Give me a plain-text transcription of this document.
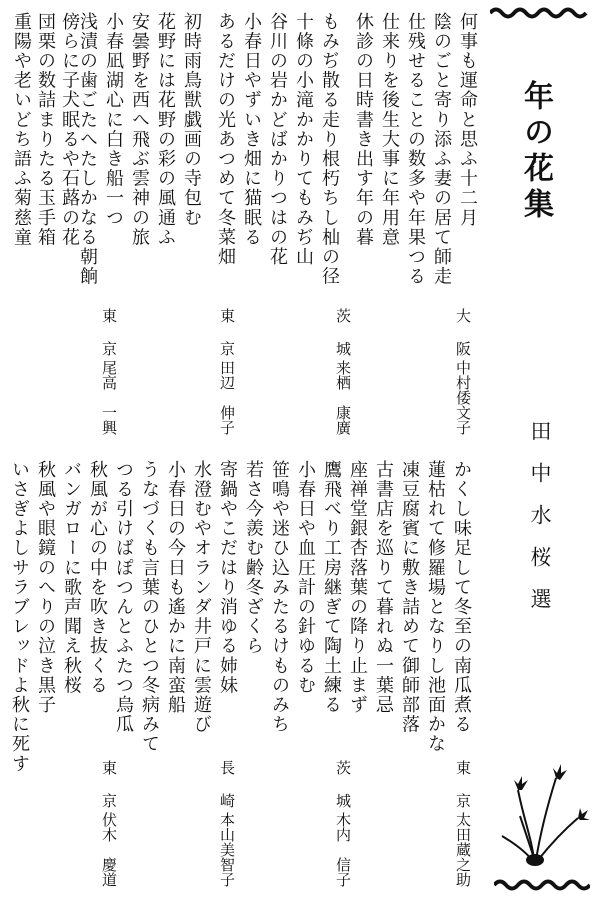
年の花集
田中水桜選
何事も運命と思ふ十二月
陰のごと寄り添ふ妻の居て師走
仕残せることの数多や年果つる
仕来りを後生大事に年用意
休診の日時書き出す年の暮
もみぢ散る走り根朽ちし杣の径
十條の小滝かかりてもみぢ山
谷川の岩かどばかりつはの花
小春日やずいき畑に猫眠る
あるだけの光あつめて冬菜畑
初時雨鳥獣戯画の寺包む
花野には花野の彩の風通ふ
安曇野を西へ飛ぶ雲神の旅
小春凪湖心に白き船一つ
浅漬の歯ごたへたしかなる朝餉
傍らに子犬眠るや石蕗の花
団栗の数詰まりたる玉手箱
重陽や老いどち語ふ菊慈童
大 阪
中村倭文子
茨 城
来栖　康廣
東 京
田辺　伸子
東 京
尾高　一興
かくし味足して冬至の南瓜煮る
蓮枯れて修羅場となりし池面かな
凍豆腐賓に敷き詰めて御師部落
古書店を巡りて暮れぬ一葉忌
座禅堂銀杏落葉の降り止まず
鷹飛べり工房継ぎて陶土練る
小春日や血圧計の針ゆるむ
笹鳴や迷ひ込みたるけものみち
若さ今羨む齢冬ざくら
寄鍋やこだはり消ゆる姉妹
水澄むやオランダ井戸に雲遊び
小春日の今日も遙かに南蛮船
うなづくも言葉のひとつ冬病みて
つる引けばぽつんとふたつ烏瓜
秋風が心の中を吹き抜くる
バンガローに歌声聞え秋桜
秋風や眼鏡のへりの泣き黒子
いさぎよしサラブレッドよ秋に死す
東 京
太田蔵之助
茨 城
木内　信子
長 崎
本山美智子
東 京
伏木　慶道
